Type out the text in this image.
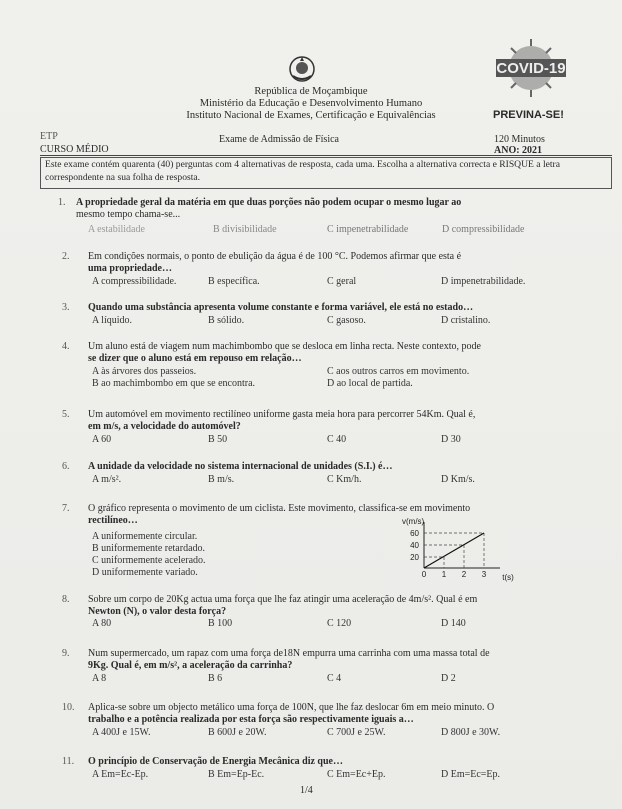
República de Moçambique
Ministério da Educação e Desenvolvimento Humano
Instituto Nacional de Exames, Certificação e Equivalências
COVID-19
PREVINA-SE!
ETP	Exame de Admissão de Física	120 Minutos
CURSO MÉDIO	ANO: 2021
Este exame contém quarenta (40) perguntas com 4 alternativas de resposta, cada uma. Escolha a alternativa correcta e RISQUE a letra correspondente na sua folha de resposta.
1. A propriedade geral da matéria em que duas porções não podem ocupar o mesmo lugar ao
mesmo tempo chama-se...
A estabilidade	B divisibilidade	C impenetrabilidade	D compressibilidade
2. Em condições normais, o ponto de ebulição da água é de 100 °C. Podemos afirmar que esta é
uma propriedade…
A compressibilidade.	B específica.	C geral	D impenetrabilidade.
3. Quando uma substância apresenta volume constante e forma variável, ele está no estado…
A líquido.	B sólido.	C gasoso.	D cristalino.
4. Um aluno está de viagem num machimbombo que se desloca em linha recta. Neste contexto, pode
se dizer que o aluno está em repouso em relação…
A às árvores dos passeios.	C aos outros carros em movimento.
B ao machimbombo em que se encontra.	D ao local de partida.
5. Um automóvel em movimento rectilíneo uniforme gasta meia hora para percorrer 54Km. Qual é,
em m/s, a velocidade do automóvel?
A 60	B 50	C 40	D 30
6. A unidade da velocidade no sistema internacional de unidades (S.I.) é…
A m/s².	B m/s.	C Km/h.	D Km/s.
7. O gráfico representa o movimento de um ciclista. Este movimento, classifica-se em movimento
rectilíneo…
A uniformemente circular.
B uniformemente retardado.
C uniformemente acelerado.
D uniformemente variado.
v(m/s)
t(s)
60
40
20
0 1 2 3
8. Sobre um corpo de 20Kg actua uma força que lhe faz atingir uma aceleração de 4m/s². Qual é em
Newton (N), o valor desta força?
A 80	B 100	C 120	D 140
9. Num supermercado, um rapaz com uma força de18N empurra uma carrinha com uma massa total de
9Kg. Qual é, em m/s², a aceleração da carrinha?
A 8	B 6	C 4	D 2
10. Aplica-se sobre um objecto metálico uma força de 100N, que lhe faz deslocar 6m em meio minuto. O
trabalho e a potência realizada por esta força são respectivamente iguais a…
A 400J e 15W.	B 600J e 20W.	C 700J e 25W.	D 800J e 30W.
11. O princípio de Conservação de Energia Mecânica diz que…
A Em=Ec-Ep.	B Em=Ep-Ec.	C Em=Ec+Ep.	D Em=Ec=Ep.
1/4
